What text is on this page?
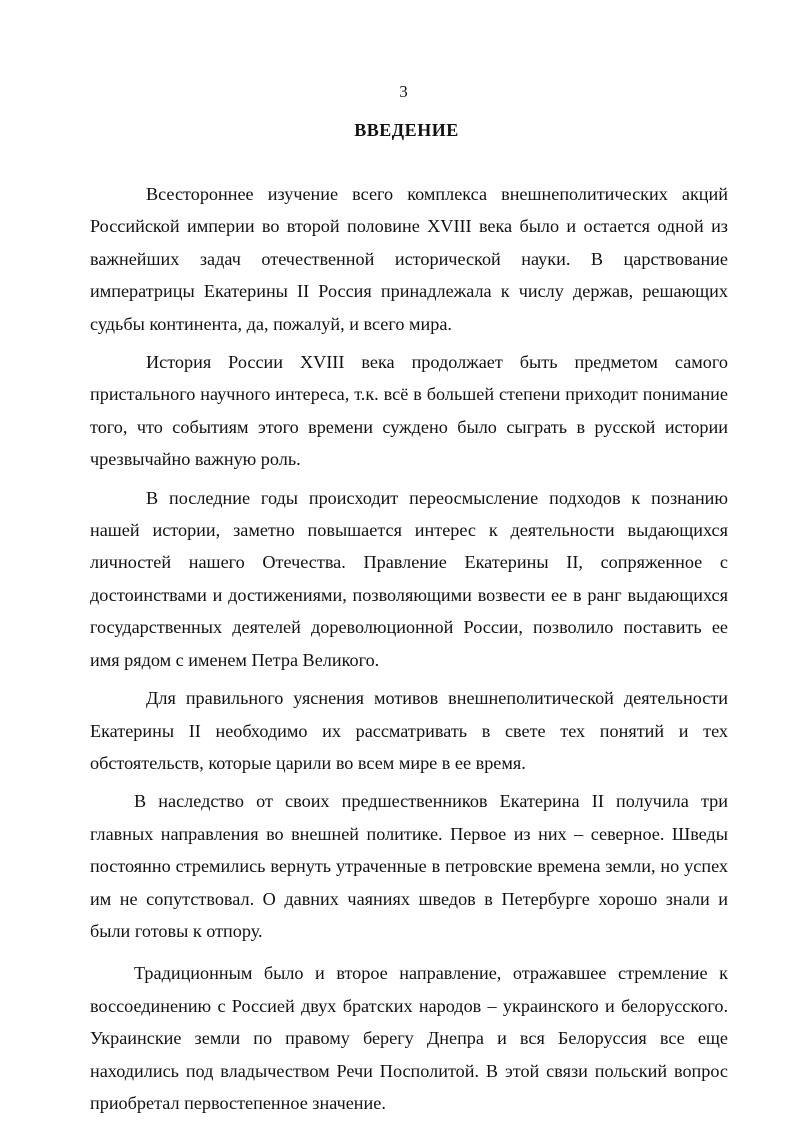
3
ВВЕДЕНИЕ

Всестороннее изучение всего комплекса внешнеполитических акций Российской империи во второй половине XVIII века было и остается одной из важнейших задач отечественной исторической науки. В царствование императрицы Екатерины II Россия принадлежала к числу держав, решающих судьбы континента, да, пожалуй, и всего мира.

История России XVIII века продолжает быть предметом самого пристального научного интереса, т.к. всё в большей степени приходит понимание того, что событиям этого времени суждено было сыграть в русской истории чрезвычайно важную роль.

В последние годы происходит переосмысление подходов к познанию нашей истории, заметно повышается интерес к деятельности выдающихся личностей нашего Отечества. Правление Екатерины II, сопряженное с достоинствами и достижениями, позволяющими возвести ее в ранг выдающихся государственных деятелей дореволюционной России, позволило поставить ее имя рядом с именем Петра Великого.

Для правильного уяснения мотивов внешнеполитической деятельности Екатерины II необходимо их рассматривать в свете тех понятий и тех обстоятельств, которые царили во всем мире в ее время.

В наследство от своих предшественников Екатерина II получила три главных направления во внешней политике. Первое из них – северное. Шведы постоянно стремились вернуть утраченные в петровские времена земли, но успех им не сопутствовал. О давних чаяниях шведов в Петербурге хорошо знали и были готовы к отпору.

Традиционным было и второе направление, отражавшее стремление к воссоединению с Россией двух братских народов – украинского и белорусского. Украинские земли по правому берегу Днепра и вся Белоруссия все еще находились под владычеством Речи Посполитой. В этой связи польский вопрос приобретал первостепенное значение.
